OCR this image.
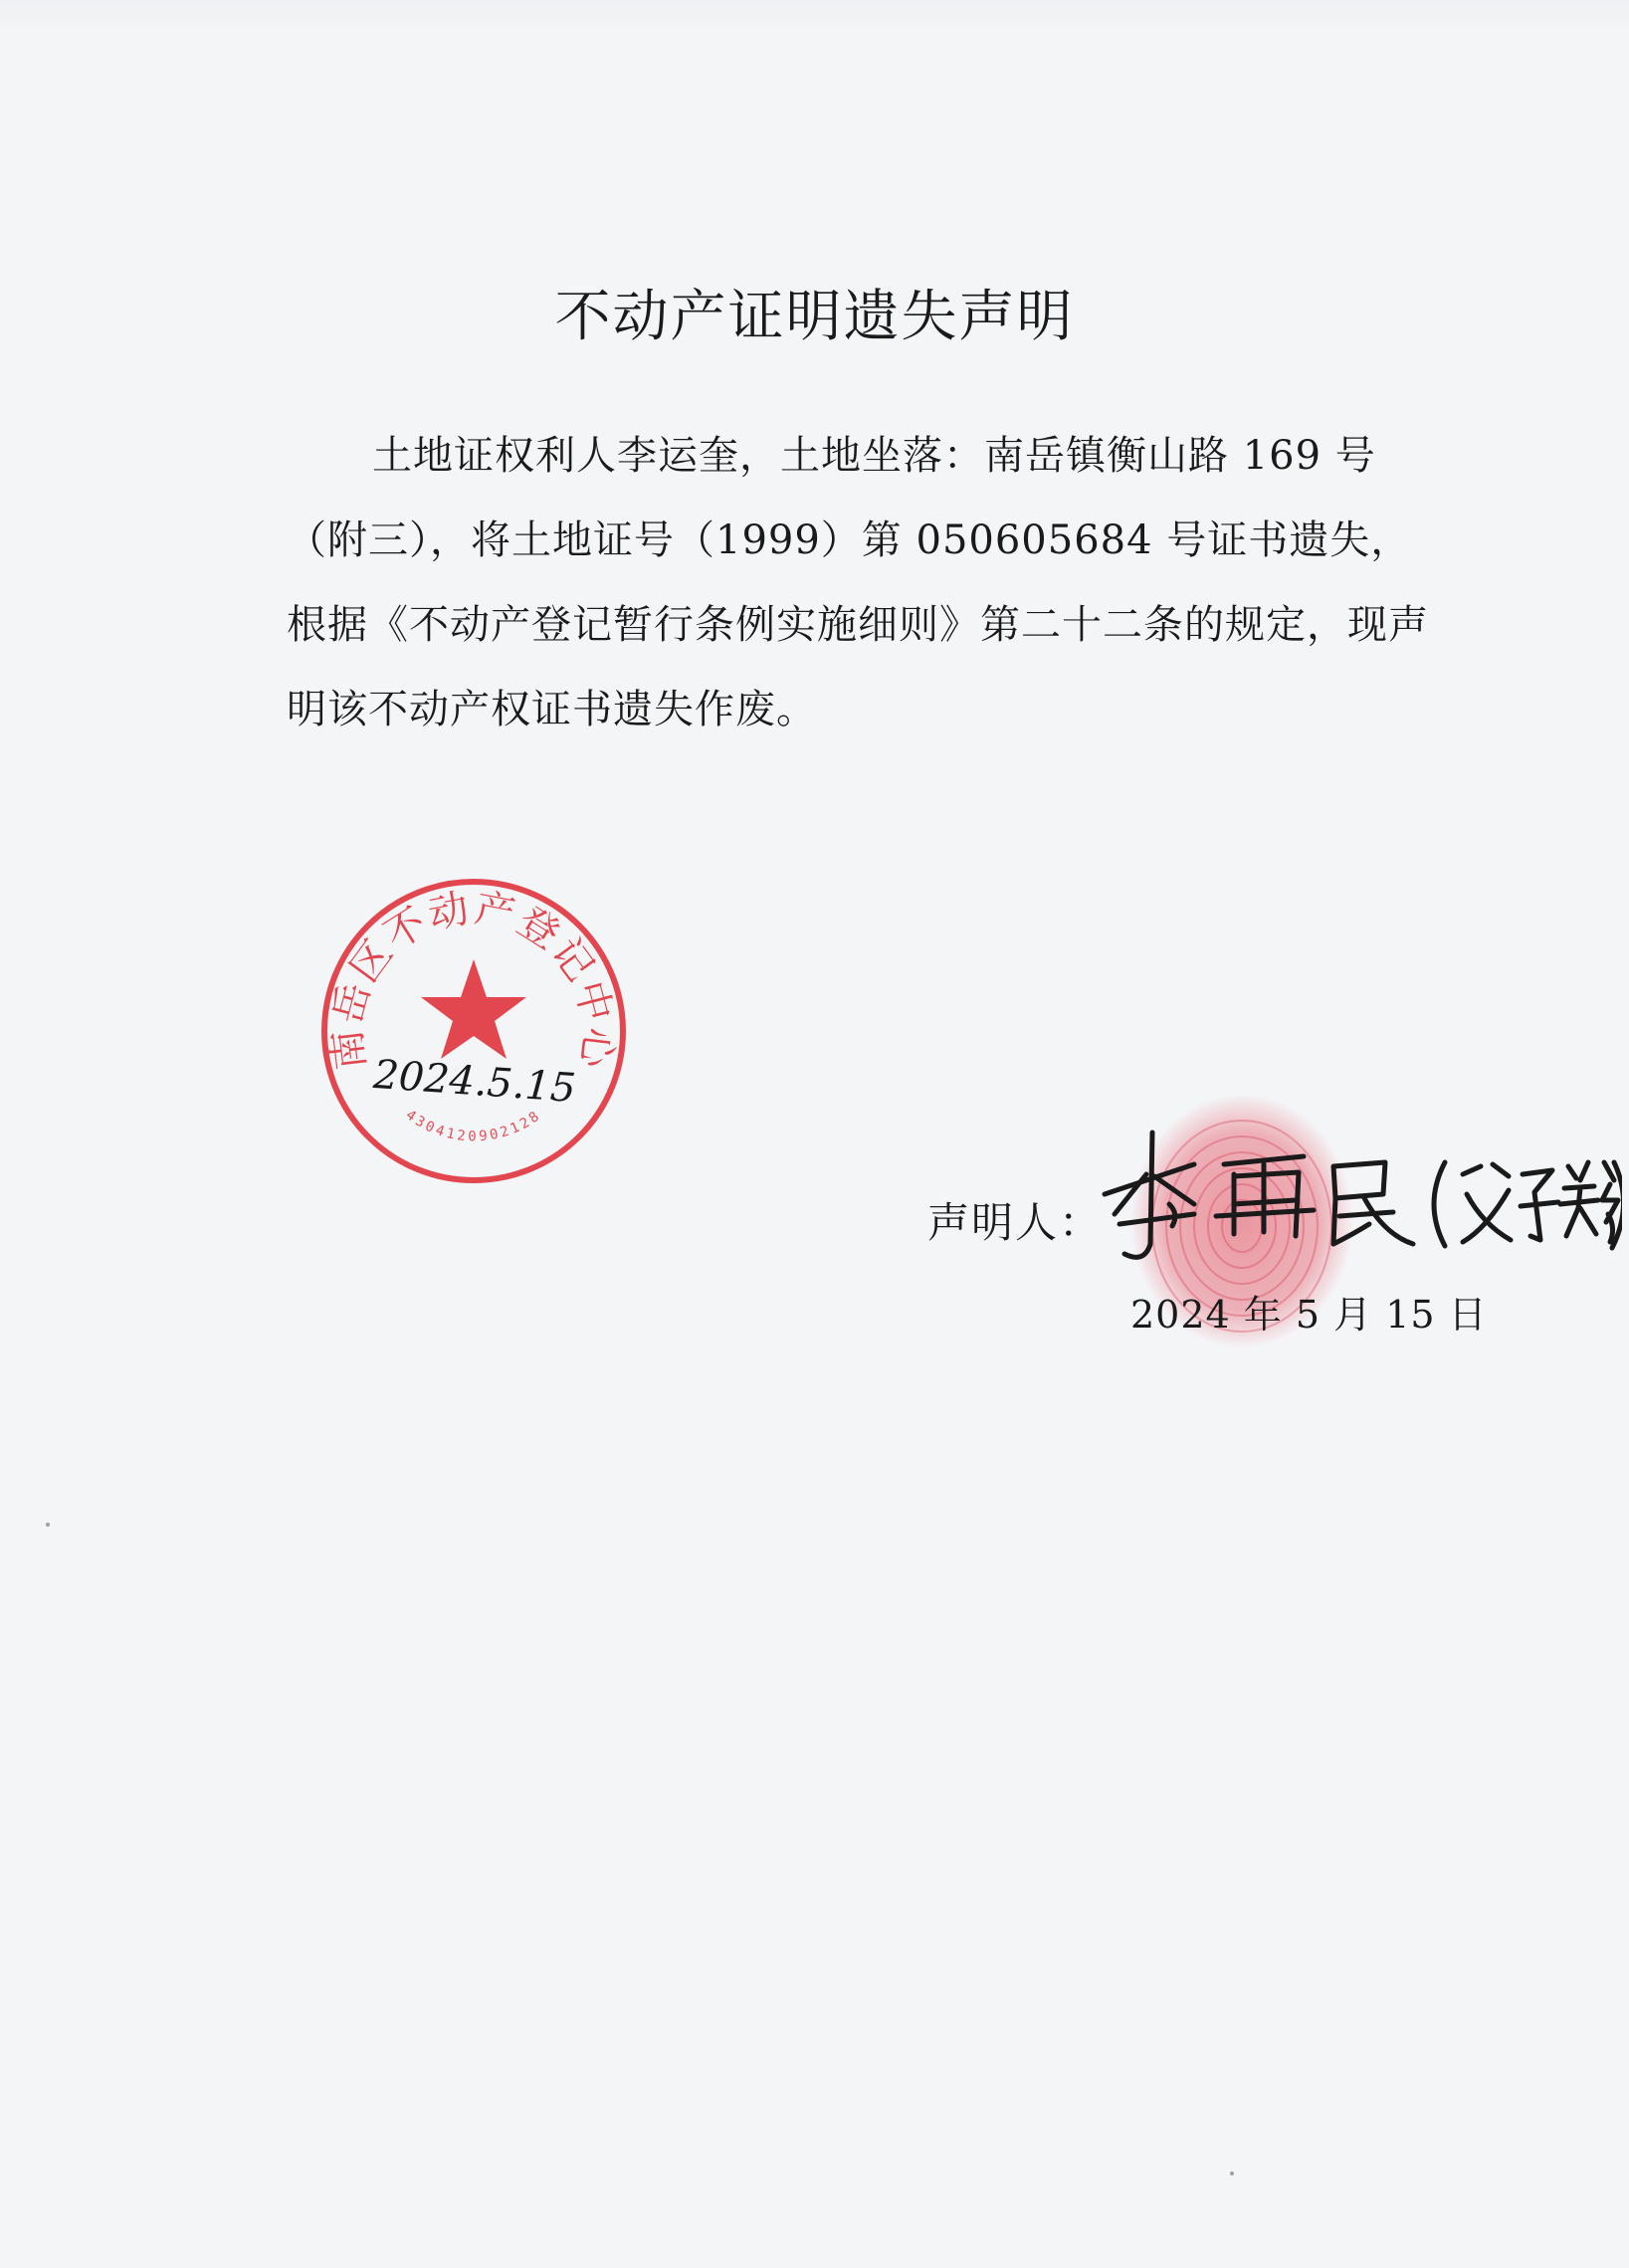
不动产证明遗失声明

土地证权利人李运奎，土地坐落：南岳镇衡山路 169 号（附三），将土地证号（1999）第 050605684 号证书遗失，根据《不动产登记暂行条例实施细则》第二十二条的规定，现声明该不动产权证书遗失作废。

南岳区不动产登记中心
4304120902128
2024.5.15
声明人：
2024 年 5 月 15 日
